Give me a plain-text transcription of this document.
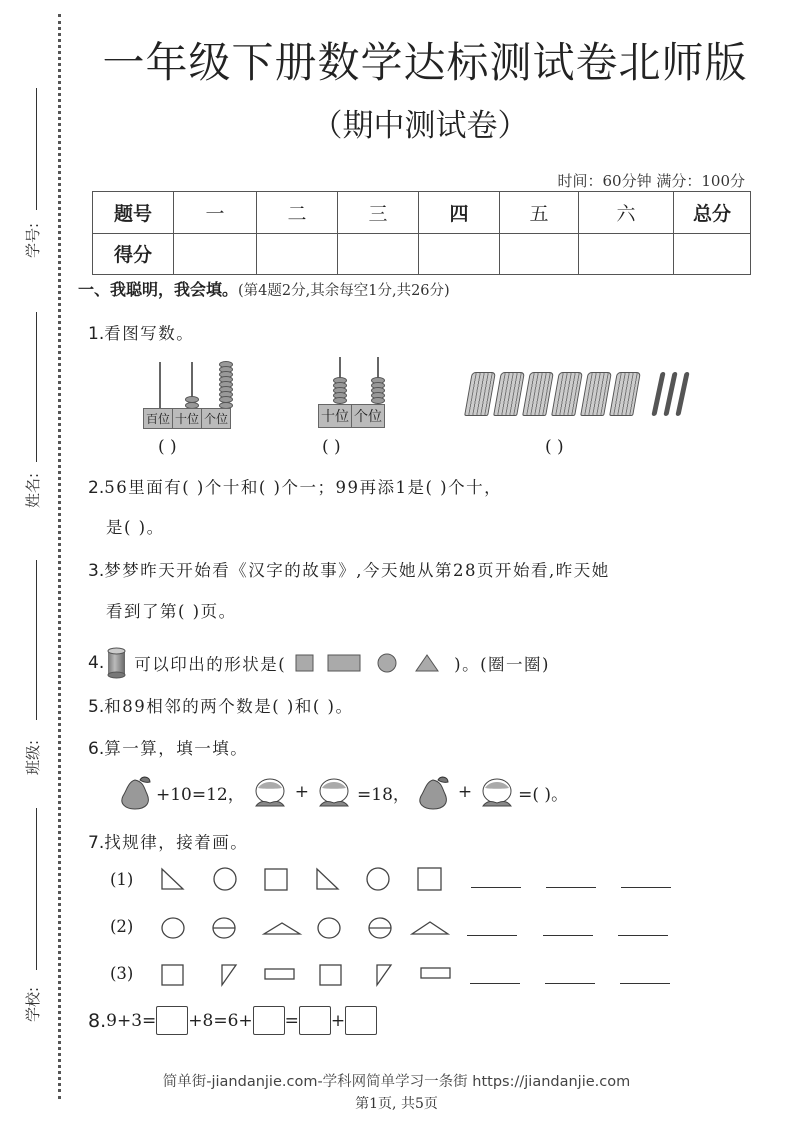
学号:
姓名:
班级:
学校:
一年级下册数学达标测试卷北师版
（期中测试卷）
时间：60分钟 满分：100分
题号	一	二	三	四	五	六	总分
得分							
一、我聪明，我会填。(第4题2分,其余每空1分,共26分)
1.看图写数。
百位 十位 个位
( )
十位 个位
( )	( )
2.56里面有( )个十和( )个一；99再添1是( )个十，
是( )。
3.梦梦昨天开始看《汉字的故事》,今天她从第28页开始看,昨天她
看到了第( )页。
4. 可以印出的形状是(	)。(圈一圈)
5.和89相邻的两个数是( )和( )。
6.算一算，填一填。
+10=12，	+	=18，	+	=( )。
7.找规律，接着画。
(1)
(2)
(3)
8. 9+3= +8=6+ = +
简单街-jiandanjie.com-学科网简单学习一条街 https://jiandanjie.com
第1页, 共5页
